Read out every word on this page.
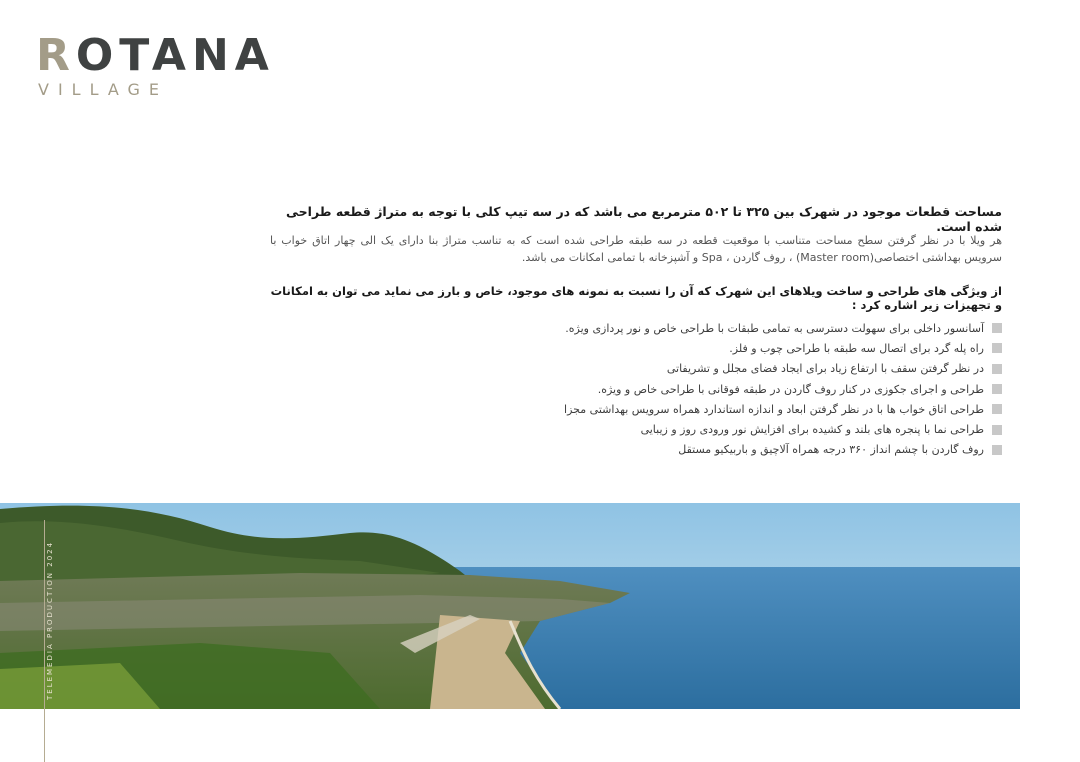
ROTANA
VILLAGE
مساحت قطعات موجود در شهرک بین ۳۲۵ تا ۵۰۲ مترمربع می باشد که در سه تیپ کلی با توجه به متراژ قطعه طراحی شده است.
هر ویلا با در نظر گرفتن سطح مساحت متناسب با موقعیت قطعه در سه طبقه طراحی شده است که به تناسب متراژ بنا دارای یک الی چهار اتاق خواب با سرویس بهداشتی اختصاصی(Master room) ، روف گاردن ، Spa و آشپزخانه با تمامی امکانات می باشد.
از ویژگی های طراحی و ساخت ویلاهای این شهرک که آن را نسبت به نمونه های موجود، خاص و بارز می نماید می توان به امکانات و تجهیزات زیر اشاره کرد :
آسانسور داخلی برای سهولت دسترسی به تمامی طبقات با طراحی خاص و نور پردازی ویژه.
راه پله گرد برای اتصال سه طبقه با طراحی چوب و فلز.
در نظر گرفتن سقف با ارتفاع زیاد برای ایجاد فضای مجلل و تشریفاتی
طراحی و اجرای جکوزی در کنار روف گاردن در طبقه فوقانی با طراحی خاص و ویژه.
طراحی اتاق خواب ها با در نظر گرفتن ابعاد و اندازه استاندارد همراه سرویس بهداشتی مجزا
طراحی نما با پنجره های بلند و کشیده برای افزایش نور ورودی روز و زیبایی
روف گاردن با چشم انداز ۳۶۰ درجه همراه آلاچیق و باربیکیو مستقل
TELEMEDIA PRODUCTION 2024
